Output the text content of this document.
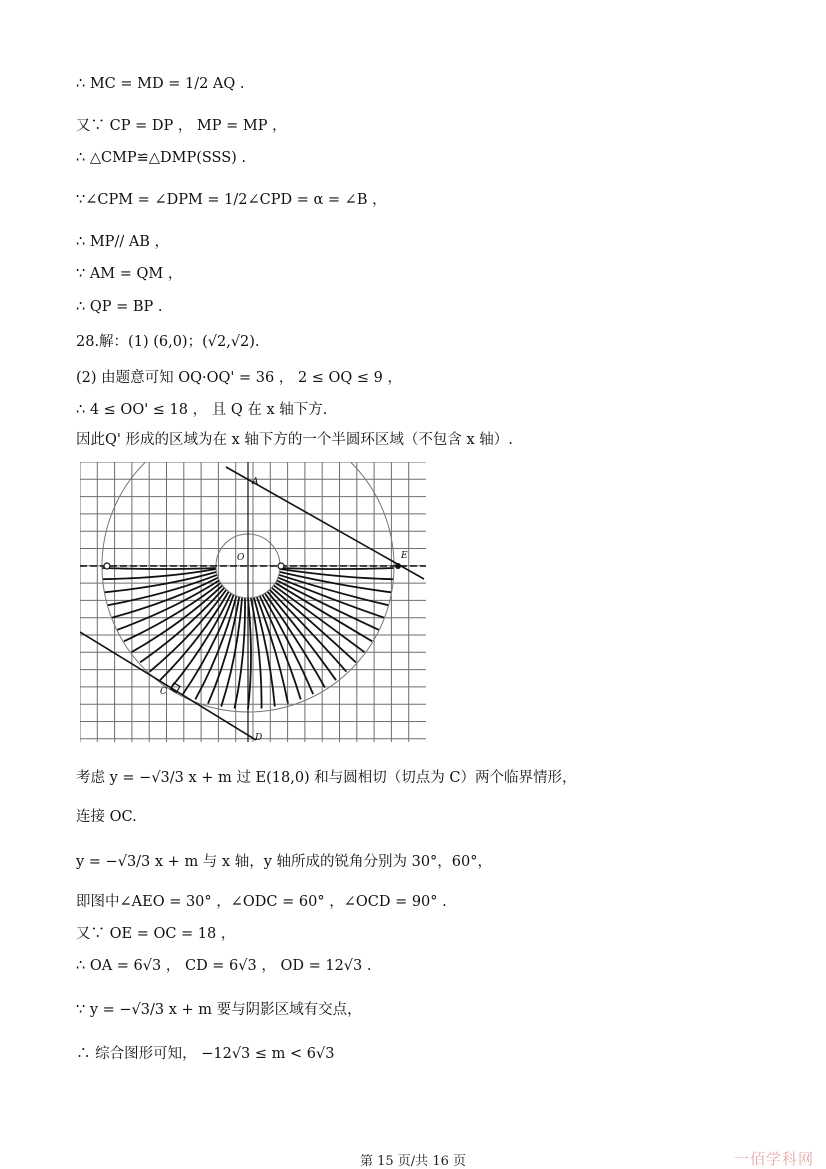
∴ MC = MD = 1/2 AQ .
又∵ CP = DP ， MP = MP ，
∴ △CMP≌△DMP(SSS) .
∵∠CPM = ∠DPM = 1/2∠CPD = α = ∠B ，
∴ MP// AB ，
∵ AM = QM ，
∴ QP = BP .
28.解：(1) (6,0)；(√2,√2).
(2) 由题意可知 OQ·OQ' = 36 ， 2 ≤ OQ ≤ 9 ，
∴ 4 ≤ OO' ≤ 18 ， 且 Q 在 x 轴下方.
因此Q' 形成的区域为在 x 轴下方的一个半圆环区域（不包含 x 轴）.
A
O	E
C
D
考虑 y = −√3/3 x + m 过 E(18,0) 和与圆相切（切点为 C）两个临界情形，
连接 OC.
y = −√3/3 x + m 与 x 轴，y 轴所成的锐角分别为 30°，60°，
即图中∠AEO = 30° ，∠ODC = 60° ，∠OCD = 90° .
又∵ OE = OC = 18 ，
∴ OA = 6√3 ， CD = 6√3 ， OD = 12√3 .
∵ y = −√3/3 x + m 要与阴影区域有交点，
∴ 综合图形可知， −12√3 ≤ m < 6√3
第 15 页/共 16 页	一佰学科网
